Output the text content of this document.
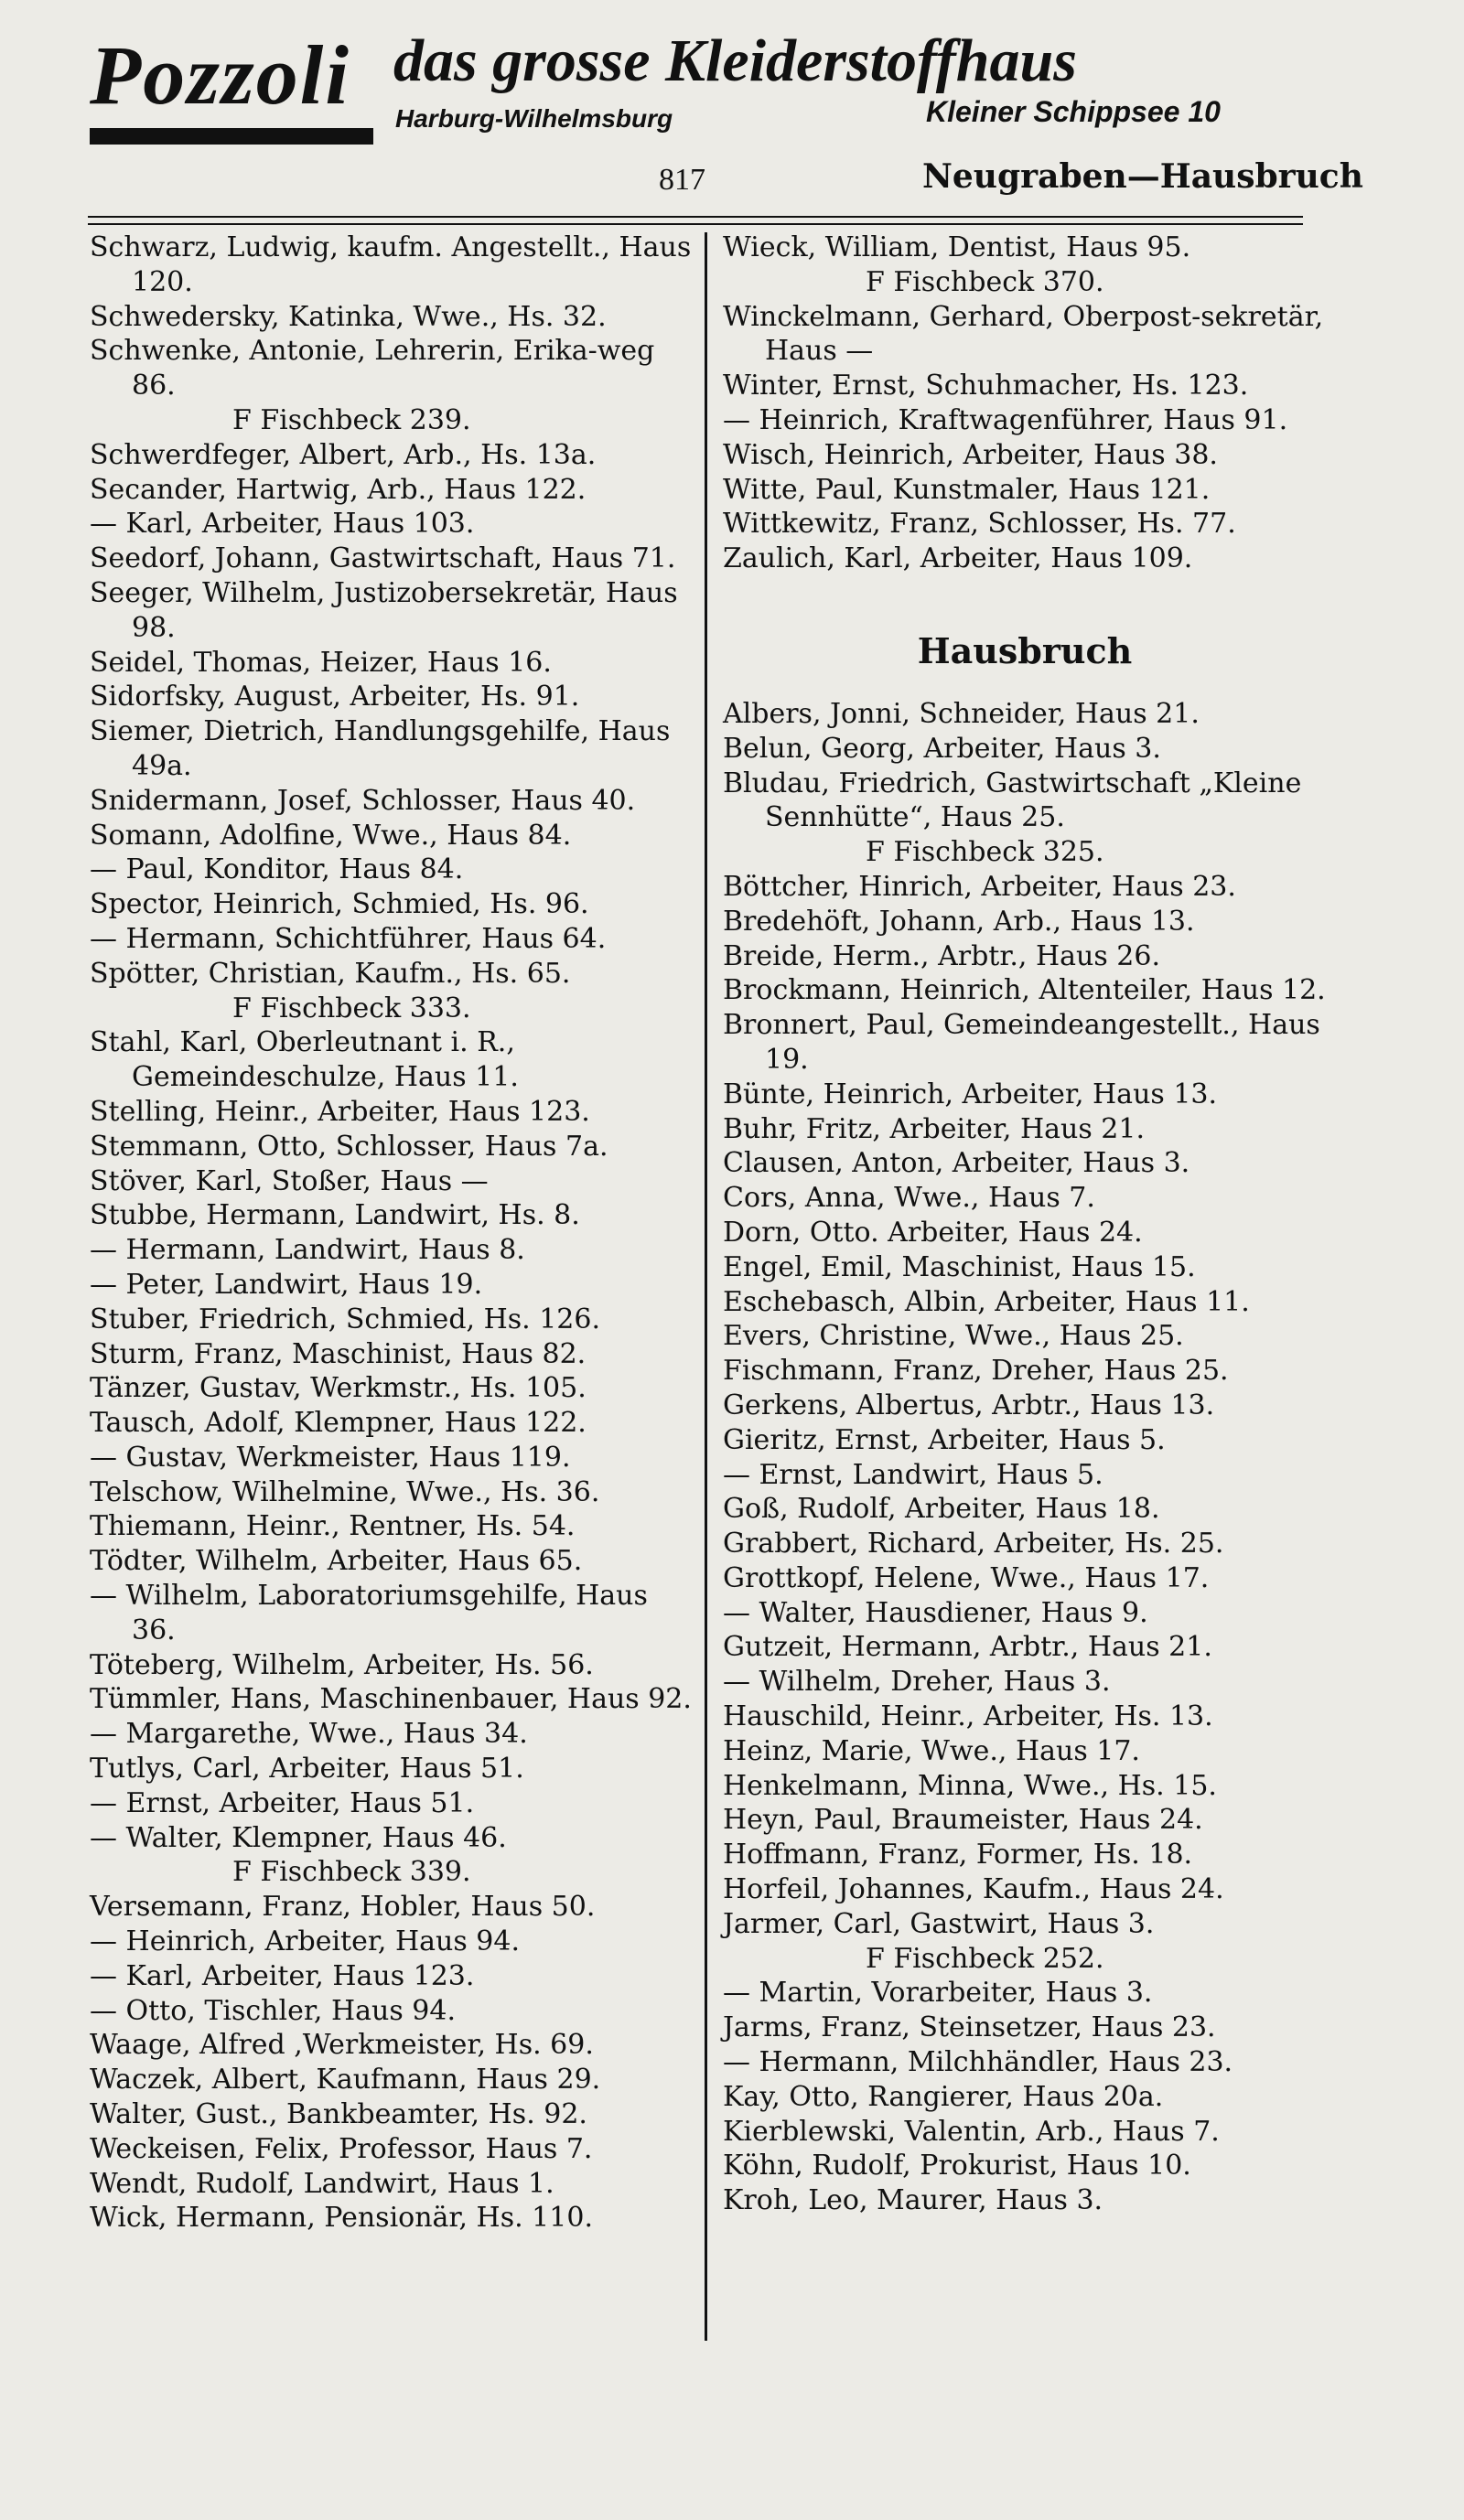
Pozzoli das grosse Kleiderstoffhaus
Harburg-Wilhelmsburg	Kleiner Schippsee 10
817	Neugraben—Hausbruch

Schwarz, Ludwig, kaufm. Angestellt., Haus 120.

Schwedersky, Katinka, Wwe., Hs. 32.

Schwenke, Antonie, Lehrerin, Erika-weg 86.
F Fischbeck 239.

Schwerdfeger, Albert, Arb., Hs. 13a.

Secander, Hartwig, Arb., Haus 122.

— Karl, Arbeiter, Haus 103.

Seedorf, Johann, Gastwirtschaft, Haus 71.

Seeger, Wilhelm, Justizobersekretär, Haus 98.

Seidel, Thomas, Heizer, Haus 16.

Sidorfsky, August, Arbeiter, Hs. 91.

Siemer, Dietrich, Handlungsgehilfe, Haus 49a.

Snidermann, Josef, Schlosser, Haus 40.

Somann, Adolfine, Wwe., Haus 84.

— Paul, Konditor, Haus 84.

Spector, Heinrich, Schmied, Hs. 96.

— Hermann, Schichtführer, Haus 64.

Spötter, Christian, Kaufm., Hs. 65.
F Fischbeck 333.

Stahl, Karl, Oberleutnant i. R., Gemeindeschulze, Haus 11.

Stelling, Heinr., Arbeiter, Haus 123.

Stemmann, Otto, Schlosser, Haus 7a.

Stöver, Karl, Stoßer, Haus —

Stubbe, Hermann, Landwirt, Hs. 8.

— Hermann, Landwirt, Haus 8.

— Peter, Landwirt, Haus 19.

Stuber, Friedrich, Schmied, Hs. 126.

Sturm, Franz, Maschinist, Haus 82.

Tänzer, Gustav, Werkmstr., Hs. 105.

Tausch, Adolf, Klempner, Haus 122.

— Gustav, Werkmeister, Haus 119.

Telschow, Wilhelmine, Wwe., Hs. 36.

Thiemann, Heinr., Rentner, Hs. 54.

Tödter, Wilhelm, Arbeiter, Haus 65.

— Wilhelm, Laboratoriumsgehilfe, Haus 36.

Töteberg, Wilhelm, Arbeiter, Hs. 56.

Tümmler, Hans, Maschinenbauer, Haus 92.

— Margarethe, Wwe., Haus 34.

Tutlys, Carl, Arbeiter, Haus 51.

— Ernst, Arbeiter, Haus 51.

— Walter, Klempner, Haus 46.
F Fischbeck 339.

Versemann, Franz, Hobler, Haus 50.

— Heinrich, Arbeiter, Haus 94.

— Karl, Arbeiter, Haus 123.

— Otto, Tischler, Haus 94.

Waage, Alfred ,Werkmeister, Hs. 69.

Waczek, Albert, Kaufmann, Haus 29.

Walter, Gust., Bankbeamter, Hs. 92.

Weckeisen, Felix, Professor, Haus 7.

Wendt, Rudolf, Landwirt, Haus 1.

Wick, Hermann, Pensionär, Hs. 110.

Wieck, William, Dentist, Haus 95.
F Fischbeck 370.

Winckelmann, Gerhard, Oberpost-sekretär, Haus —

Winter, Ernst, Schuhmacher, Hs. 123.

— Heinrich, Kraftwagenführer, Haus 91.

Wisch, Heinrich, Arbeiter, Haus 38.

Witte, Paul, Kunstmaler, Haus 121.

Wittkewitz, Franz, Schlosser, Hs. 77.

Zaulich, Karl, Arbeiter, Haus 109.

Hausbruch

Albers, Jonni, Schneider, Haus 21.

Belun, Georg, Arbeiter, Haus 3.

Bludau, Friedrich, Gastwirtschaft „Kleine Sennhütte“, Haus 25.
F Fischbeck 325.

Böttcher, Hinrich, Arbeiter, Haus 23.

Bredehöft, Johann, Arb., Haus 13.

Breide, Herm., Arbtr., Haus 26.

Brockmann, Heinrich, Altenteiler, Haus 12.

Bronnert, Paul, Gemeindeangestellt., Haus 19.

Bünte, Heinrich, Arbeiter, Haus 13.

Buhr, Fritz, Arbeiter, Haus 21.

Clausen, Anton, Arbeiter, Haus 3.

Cors, Anna, Wwe., Haus 7.

Dorn, Otto. Arbeiter, Haus 24.

Engel, Emil, Maschinist, Haus 15.

Eschebasch, Albin, Arbeiter, Haus 11.

Evers, Christine, Wwe., Haus 25.

Fischmann, Franz, Dreher, Haus 25.

Gerkens, Albertus, Arbtr., Haus 13.

Gieritz, Ernst, Arbeiter, Haus 5.

— Ernst, Landwirt, Haus 5.

Goß, Rudolf, Arbeiter, Haus 18.

Grabbert, Richard, Arbeiter, Hs. 25.

Grottkopf, Helene, Wwe., Haus 17.

— Walter, Hausdiener, Haus 9.

Gutzeit, Hermann, Arbtr., Haus 21.

— Wilhelm, Dreher, Haus 3.

Hauschild, Heinr., Arbeiter, Hs. 13.

Heinz, Marie, Wwe., Haus 17.

Henkelmann, Minna, Wwe., Hs. 15.

Heyn, Paul, Braumeister, Haus 24.

Hoffmann, Franz, Former, Hs. 18.

Horfeil, Johannes, Kaufm., Haus 24.

Jarmer, Carl, Gastwirt, Haus 3.
F Fischbeck 252.

— Martin, Vorarbeiter, Haus 3.

Jarms, Franz, Steinsetzer, Haus 23.

— Hermann, Milchhändler, Haus 23.

Kay, Otto, Rangierer, Haus 20a.

Kierblewski, Valentin, Arb., Haus 7.

Köhn, Rudolf, Prokurist, Haus 10.

Kroh, Leo, Maurer, Haus 3.
